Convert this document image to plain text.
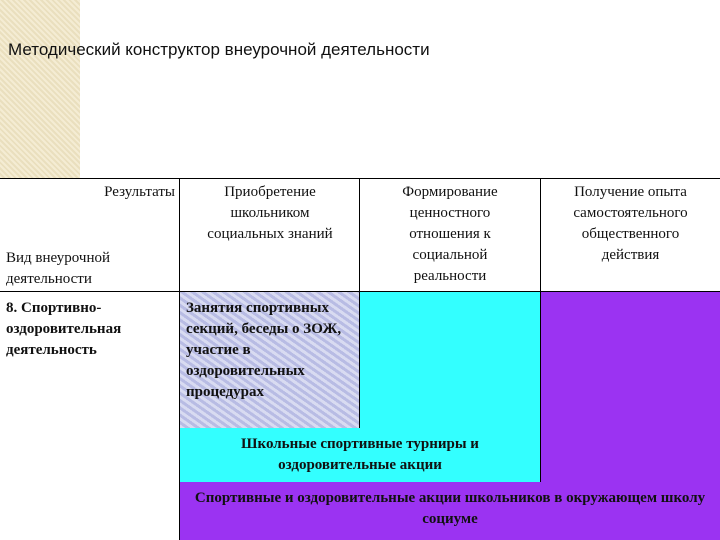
Методический конструктор внеурочной деятельности
Результаты
Вид внеурочной деятельности
Приобретение школьником социальных знаний
Формирование ценностного отношения к социальной реальности
Получение опыта самостоятельного общественного действия
8. Спортивно-оздоровительная деятельность
Занятия спортивных секций, беседы о ЗОЖ, участие в оздоровительных процедурах
Школьные спортивные турниры и оздоровительные акции
Спортивные и оздоровительные акции школьников в окружающем школу социуме
